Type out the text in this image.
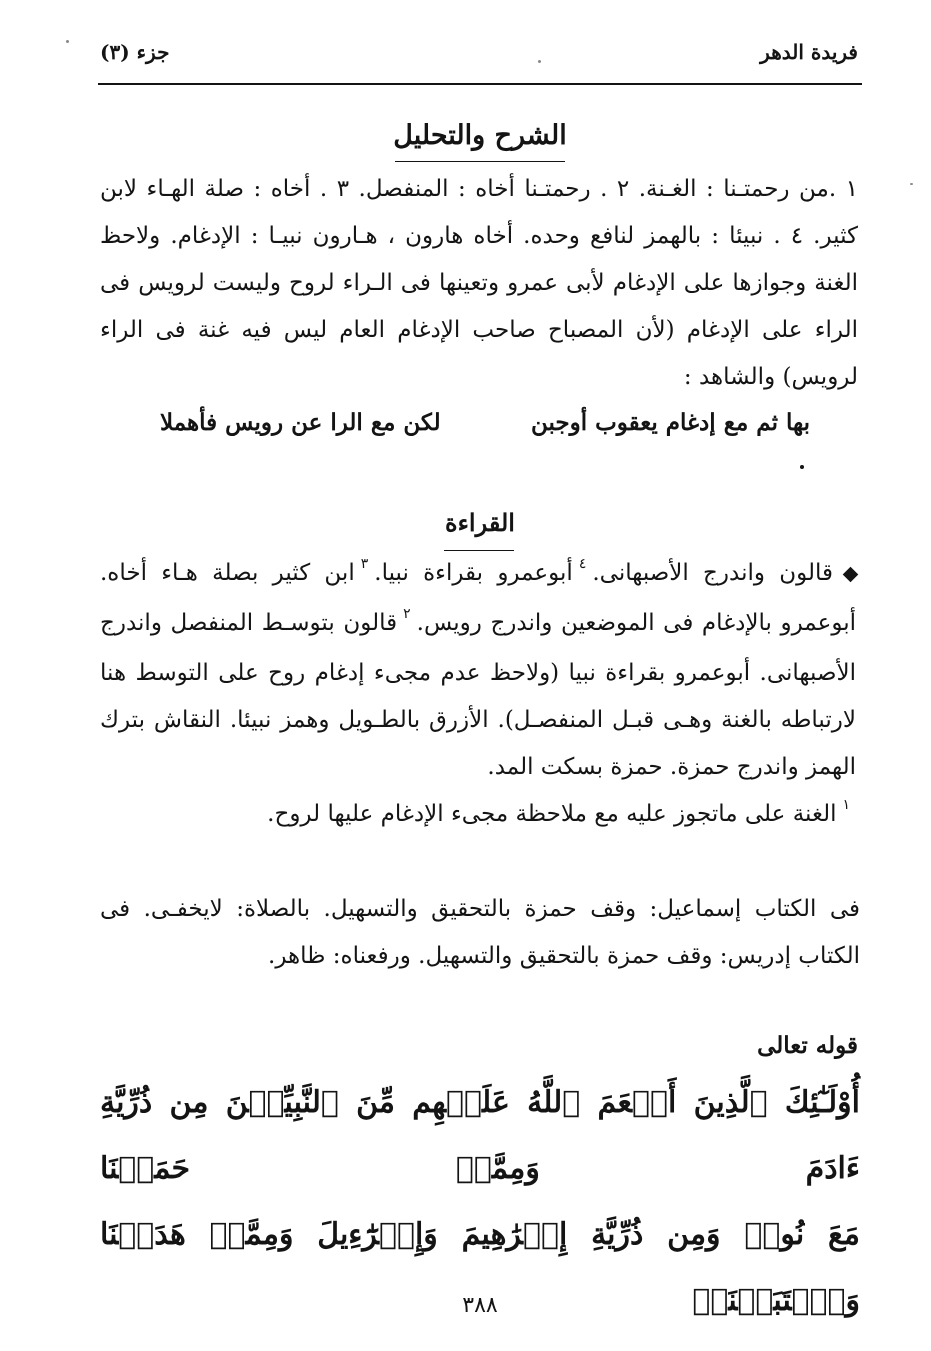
فريدة الدهر
جزء (٣)
الشرح والتحليل
١ .من رحمتـنا : الغـنة. ٢ . رحمتـنا أخاه : المنفصل. ٣ . أخاه : صلة الهـاء لابن كثير. ٤ . نبيئا : بالهمز لنافع وحده. أخاه هارون ، هـارون نبيـا : الإدغام. ولاحظ الغنة وجوازها على الإدغام لأبى عمرو وتعينها فى الـراء لروح وليست لرويس فى الراء على الإدغام (لأن المصباح صاحب الإدغام العام ليس فيه غنة فى الراء لرويس) والشاهد :
بها ثم مع إدغام يعقوب أوجبن
لكن مع الرا عن رويس فأهملا
القراءة
قالون واندرج الأصبهانى.$^٤$أبوعمرو بقراءة نبيا.$^٣$ابن كثير بصلة هـاء أخاه. أبوعمرو بالإدغام فى الموضعين واندرج رويس.$^٢$قالون بتوسـط المنفصل واندرج الأصبهانى. أبوعمرو بقراءة نبيا (ولاحظ عدم مجىء إدغام روح على التوسط هنا لارتباطه بالغنة وهـى قبـل المنفصـل). الأزرق بالطـويل وهمز نبيئا. النقاش بترك الهمز واندرج حمزة. حمزة بسكت المد.
$^١$الغنة على ماتجوز عليه مع ملاحظة مجىء الإدغام عليها لروح.
فى الكتاب إسماعيل: وقف حمزة بالتحقيق والتسهيل. بالصلاة: لايخفـى. فى الكتاب إدريس: وقف حمزة بالتحقيق والتسهيل. ورفعناه: ظاهر.
قوله تعالى
أُوْلَـٰٓئِكَ ٱلَّذِينَ أَنۡعَمَ ٱللَّهُ عَلَيۡهِم مِّنَ ٱلنَّبِيِّـۧنَ مِن ذُرِّيَّةِ ءَادَمَ وَمِمَّنۡ حَمَلۡنَا
مَعَ نُوحٖ وَمِن ذُرِّيَّةِ إِبۡرَٰهِيمَ وَإِسۡرَٰٓءِيلَ وَمِمَّنۡ هَدَيۡنَا وَٱجۡتَبَيۡنَآۚ
٣٨٨
